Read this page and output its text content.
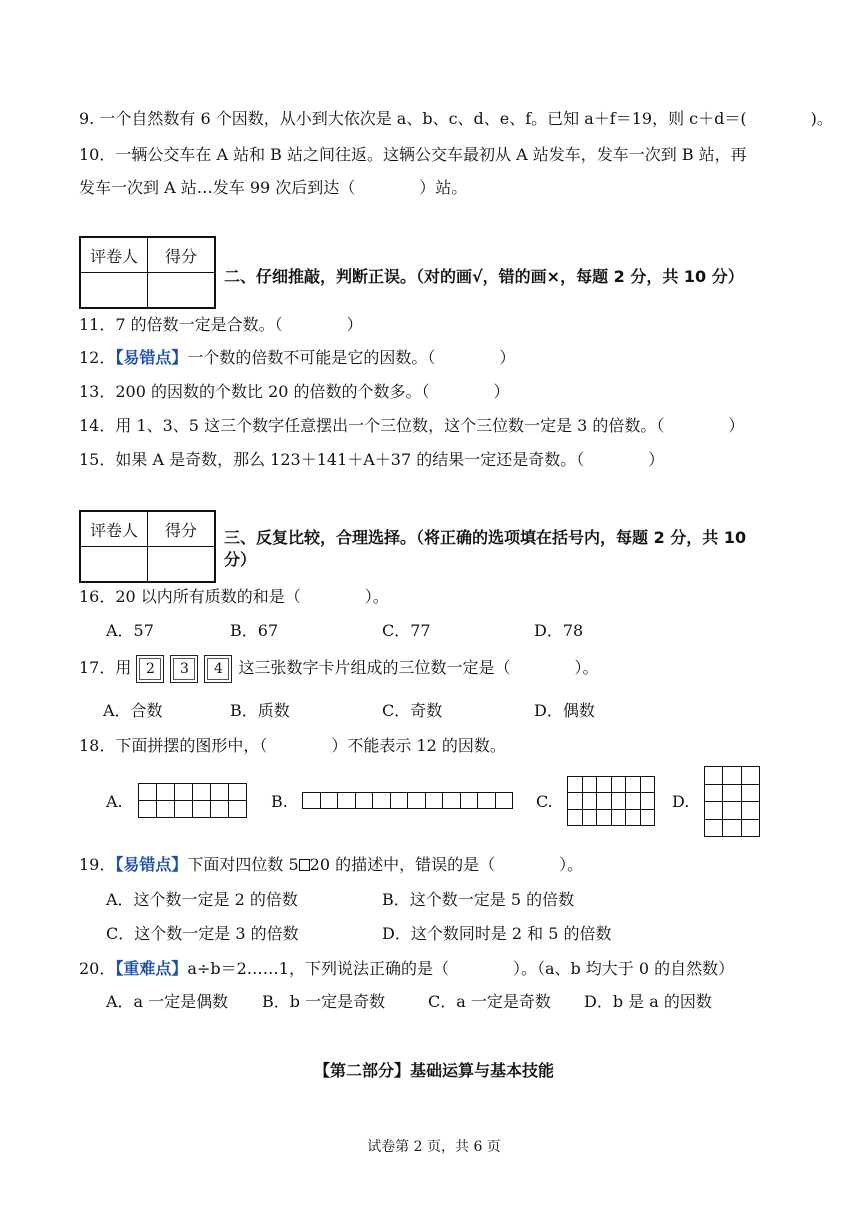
9. 一个自然数有 6 个因数，从小到大依次是 a、b、c、d、e、f。已知 a＋f＝19，则 c＋d＝(　　　　)。
10．一辆公交车在 A 站和 B 站之间往返。这辆公交车最初从 A 站发车，发车一次到 B 站，再
发车一次到 A 站…发车 99 次后到达（　　　　）站。
评卷人	得分

二、仔细推敲，判断正误。（对的画√，错的画×，每题 2 分，共 10 分）
11．7 的倍数一定是合数。（　　　　）
12．【易错点】一个数的倍数不可能是它的因数。（　　　　）
13．200 的因数的个数比 20 的倍数的个数多。（　　　　）
14．用 1、3、5 这三个数字任意摆出一个三位数，这个三位数一定是 3 的倍数。（　　　　）
15．如果 A 是奇数，那么 123＋141＋A＋37 的结果一定还是奇数。（　　　　）
评卷人	得分
	三、反复比较，合理选择。（将正确的选项填在括号内，每题 2 分，共 10
分）
16．20 以内所有质数的和是（　　　　）。
A．57	B．67	C．77	D．78
17．用 2 3 4 这三张数字卡片组成的三位数一定是（　　　　）。
A．合数	B．质数	C．奇数	D．偶数
18．下面拼摆的图形中，（　　　　）不能表示 12 的因数。
A.	B.	C.	D.
19．【易错点】下面对四位数 5 20 的描述中，错误的是（　　　　）。
A．这个数一定是 2 的倍数	B．这个数一定是 5 的倍数
C．这个数一定是 3 的倍数	D．这个数同时是 2 和 5 的倍数
20．【重难点】a÷b＝2……1，下列说法正确的是（　　　　）。（a、b 均大于 0 的自然数）
A．a 一定是偶数 B．b 一定是奇数	C．a 一定是奇数 D．b 是 a 的因数
【第二部分】基础运算与基本技能
试卷第 2 页，共 6 页
